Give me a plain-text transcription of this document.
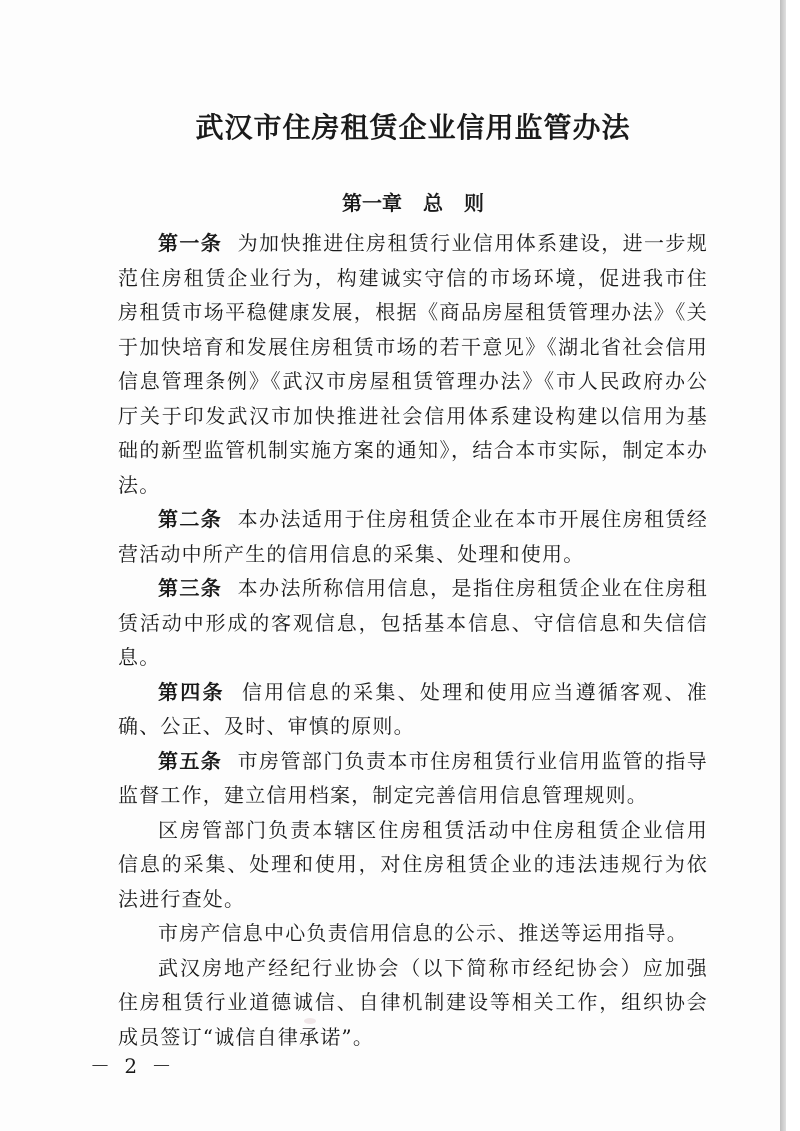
武汉市住房租赁企业信用监管办法
第一章 总 则

第一条 为加快推进住房租赁行业信用体系建设，进一步规范住房租赁企业行为，构建诚实守信的市场环境，促进我市住房租赁市场平稳健康发展，根据《商品房屋租赁管理办法》《关于加快培育和发展住房租赁市场的若干意见》《湖北省社会信用信息管理条例》《武汉市房屋租赁管理办法》《市人民政府办公厅关于印发武汉市加快推进社会信用体系建设构建以信用为基础的新型监管机制实施方案的通知》，结合本市实际，制定本办法。

第二条 本办法适用于住房租赁企业在本市开展住房租赁经营活动中所产生的信用信息的采集、处理和使用。

第三条 本办法所称信用信息，是指住房租赁企业在住房租赁活动中形成的客观信息，包括基本信息、守信信息和失信信息。

第四条 信用信息的采集、处理和使用应当遵循客观、准确、公正、及时、审慎的原则。

第五条 市房管部门负责本市住房租赁行业信用监管的指导监督工作，建立信用档案，制定完善信用信息管理规则。

区房管部门负责本辖区住房租赁活动中住房租赁企业信用信息的采集、处理和使用，对住房租赁企业的违法违规行为依法进行查处。

市房产信息中心负责信用信息的公示、推送等运用指导。

武汉房地产经纪行业协会（以下简称市经纪协会）应加强住房租赁行业道德诚信、自律机制建设等相关工作，组织协会成员签订“诚信自律承诺”。

－ 2 －
